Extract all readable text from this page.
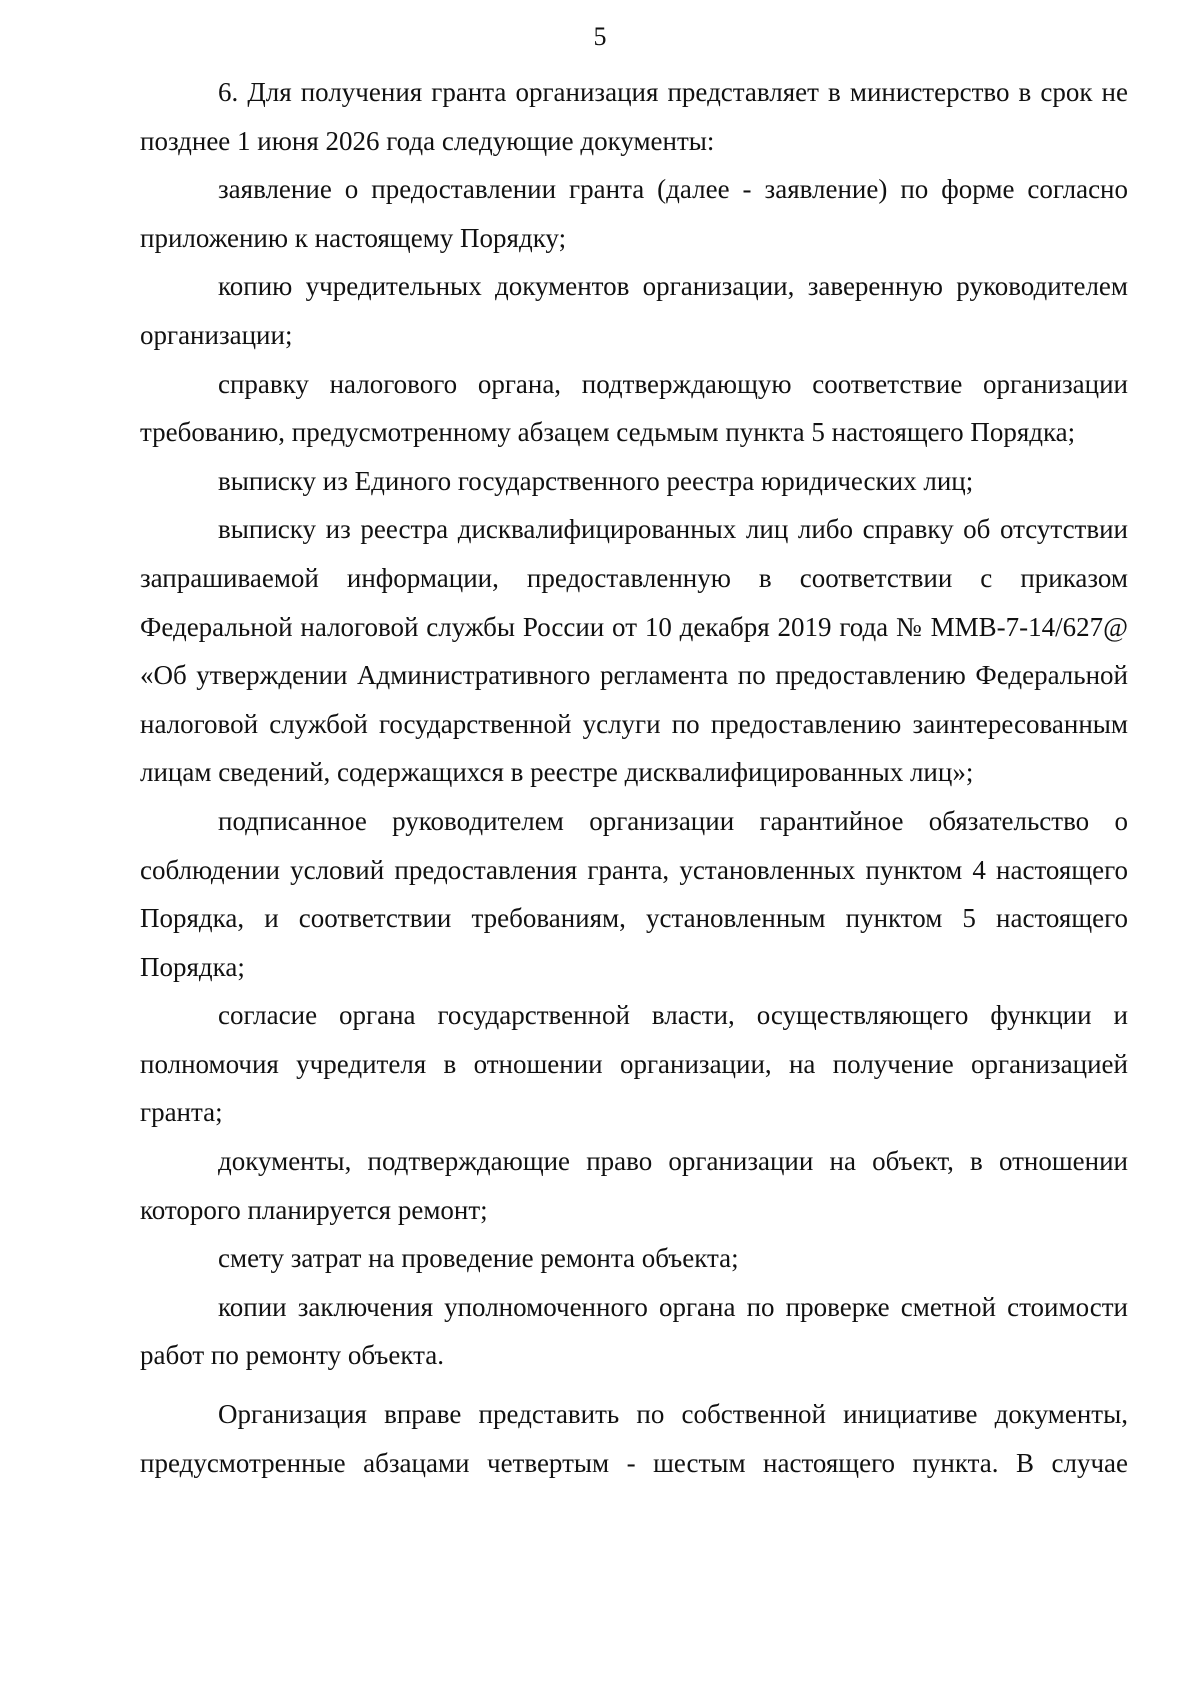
5

6. Для получения гранта организация представляет в министерство в срок не позднее 1 июня 2026 года следующие документы:

заявление о предоставлении гранта (далее - заявление) по форме согласно приложению к настоящему Порядку;

копию учредительных документов организации, заверенную руководителем организации;

справку налогового органа, подтверждающую соответствие организации требованию, предусмотренному абзацем седьмым пункта 5 настоящего Порядка;

выписку из Единого государственного реестра юридических лиц;

выписку из реестра дисквалифицированных лиц либо справку об отсутствии запрашиваемой информации, предоставленную в соответствии с приказом Федеральной налоговой службы России от 10 декабря 2019 года № ММВ-7-14/627@ «Об утверждении Административного регламента по предоставлению Федеральной налоговой службой государственной услуги по предоставлению заинтересованным лицам сведений, содержащихся в реестре дисквалифицированных лиц»;

подписанное руководителем организации гарантийное обязательство о соблюдении условий предоставления гранта, установленных пунктом 4 настоящего Порядка, и соответствии требованиям, установленным пунктом 5 настоящего Порядка;

согласие органа государственной власти, осуществляющего функции и полномочия учредителя в отношении организации, на получение организацией гранта;

документы, подтверждающие право организации на объект, в отношении которого планируется ремонт;

смету затрат на проведение ремонта объекта;

копии заключения уполномоченного органа по проверке сметной стоимости работ по ремонту объекта.

Организация вправе представить по собственной инициативе документы, предусмотренные абзацами четвертым - шестым настоящего пункта. В случае
